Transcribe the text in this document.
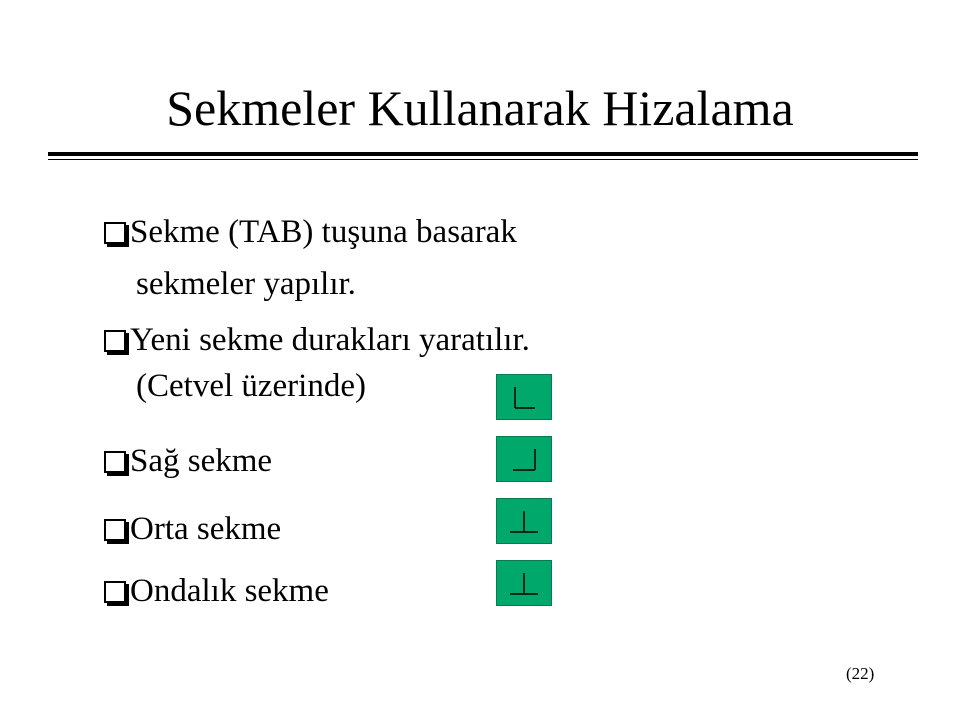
Sekmeler Kullanarak Hizalama
Sekme (TAB) tuşuna basarak
sekmeler yapılır.
Yeni sekme durakları yaratılır.
(Cetvel üzerinde)
Sağ sekme
Orta sekme
Ondalık sekme
(22)
